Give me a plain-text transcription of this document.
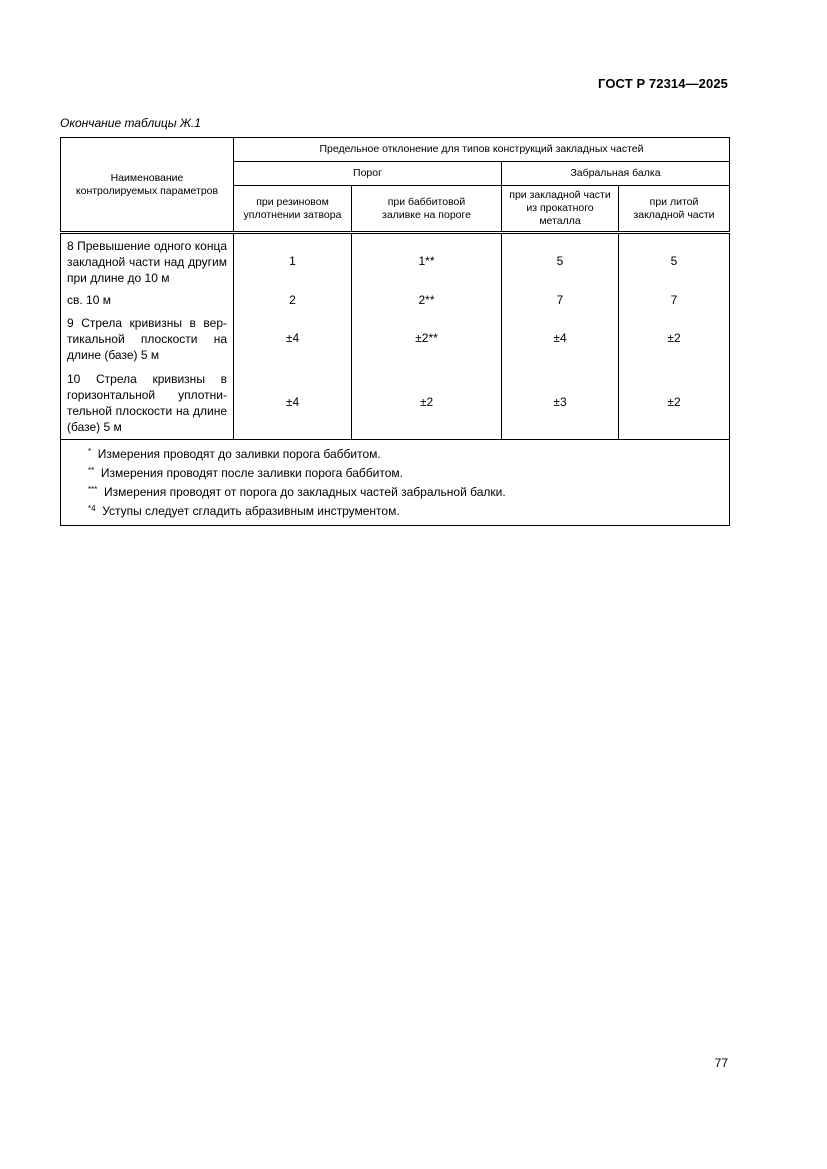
ГОСТ Р 72314—2025
Окончание таблицы Ж.1
Наименование контролируемых параметров	Предельное отклонение для типов конструкций закладных частей			
	Порог		Забральная балка	
	при резиновом уплотнении затвора	при баббитовой заливке на пороге	при закладной части из прокатного металла	при литой закладной части
8 Превышение одного конца закладной части над другим при длине до 10 м	1	1**	5	5
св. 10 м	2	2**	7	7
9 Стрела кривизны в вертикальной плоскости на длине (базе) 5 м	±4	±2**	±4	±2
10 Стрела кривизны в горизонтальной уплотнительной плоскости на длине (базе) 5 м	±4	±2	±3	±2

* Измерения проводят до заливки порога баббитом.
** Измерения проводят после заливки порога баббитом.
*** Измерения проводят от порога до закладных частей забральной балки.
$^{*4}$ Уступы следует сгладить абразивным инструментом.				
77
